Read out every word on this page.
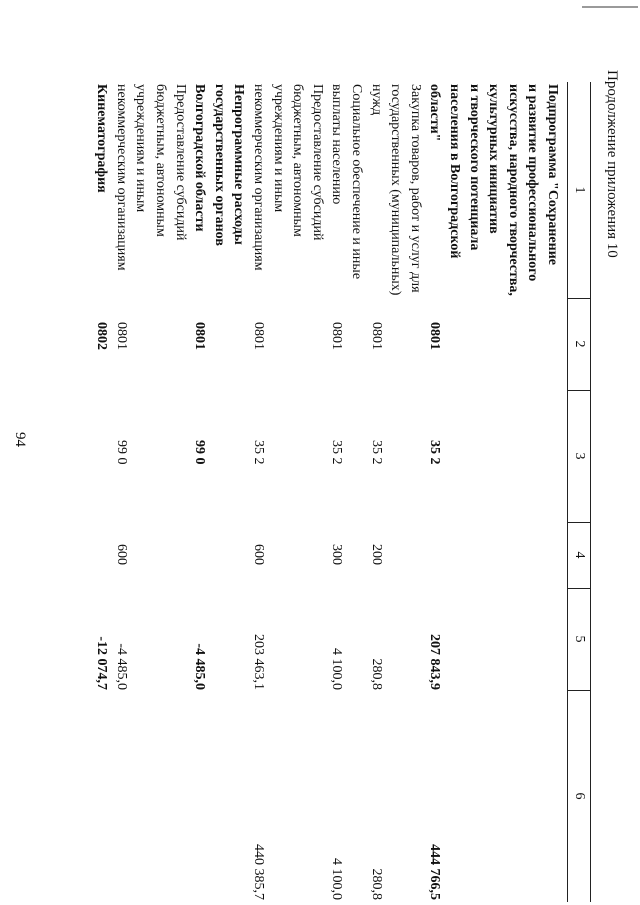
94
Продолжение приложения 10
1
2
3
4
5
6
Подпрограмма "Сохранение
и развитие профессионального
искусства, народного творчества,
культурных инициатив
и творческого потенциала
населения в Волгоградской
области"
0801
35 2
207 843,9
444 766,5
Закупка товаров, работ и услуг для
государственных (муниципальных)
нужд
0801
35 2
200
280,8
280,8
Социальное обеспечение и иные
выплаты населению
0801
35 2
300
4 100,0
4 100,0
Предоставление субсидий
бюджетным, автономным
учреждениям и иным
некоммерческим организациям
0801
35 2
600
203 463,1
440 385,7
Непрограммные расходы
государственных органов
Волгоградской области
0801
99 0
-4 485,0
Предоставление субсидий
бюджетным, автономным
учреждениям и иным
некоммерческим организациям
0801
99 0
600
-4 485,0
Кинематография
0802
-12 074,7
